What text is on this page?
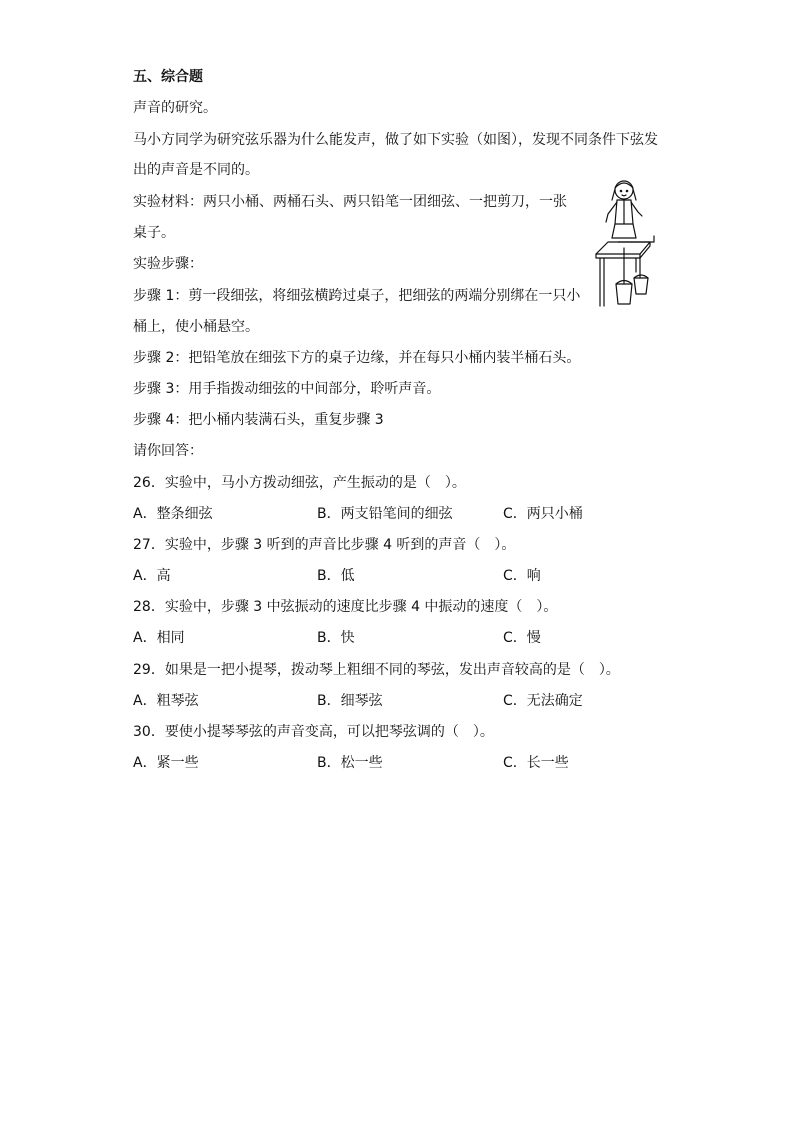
五、综合题
声音的研究。
马小方同学为研究弦乐器为什么能发声，做了如下实验（如图），发现不同条件下弦发
出的声音是不同的。
实验材料：两只小桶、两桶石头、两只铅笔一团细弦、一把剪刀，一张
桌子。
实验步骤：
步骤 1：剪一段细弦，将细弦横跨过桌子，把细弦的两端分别绑在一只小
桶上，使小桶悬空。
步骤 2：把铅笔放在细弦下方的桌子边缘，并在每只小桶内装半桶石头。
步骤 3：用手指拨动细弦的中间部分，聆听声音。
步骤 4：把小桶内装满石头，重复步骤 3
请你回答：
26．实验中，马小方拨动细弦，产生振动的是（　）。
A．整条细弦	B．两支铅笔间的细弦	C．两只小桶
27．实验中，步骤 3 听到的声音比步骤 4 听到的声音（　）。
A．高	B．低	C．响
28．实验中，步骤 3 中弦振动的速度比步骤 4 中振动的速度（　）。
A．相同	B．快	C．慢
29．如果是一把小提琴，拨动琴上粗细不同的琴弦，发出声音较高的是（　）。
A．粗琴弦	B．细琴弦	C．无法确定
30．要使小提琴琴弦的声音变高，可以把琴弦调的（　）。
A．紧一些	B．松一些	C．长一些
